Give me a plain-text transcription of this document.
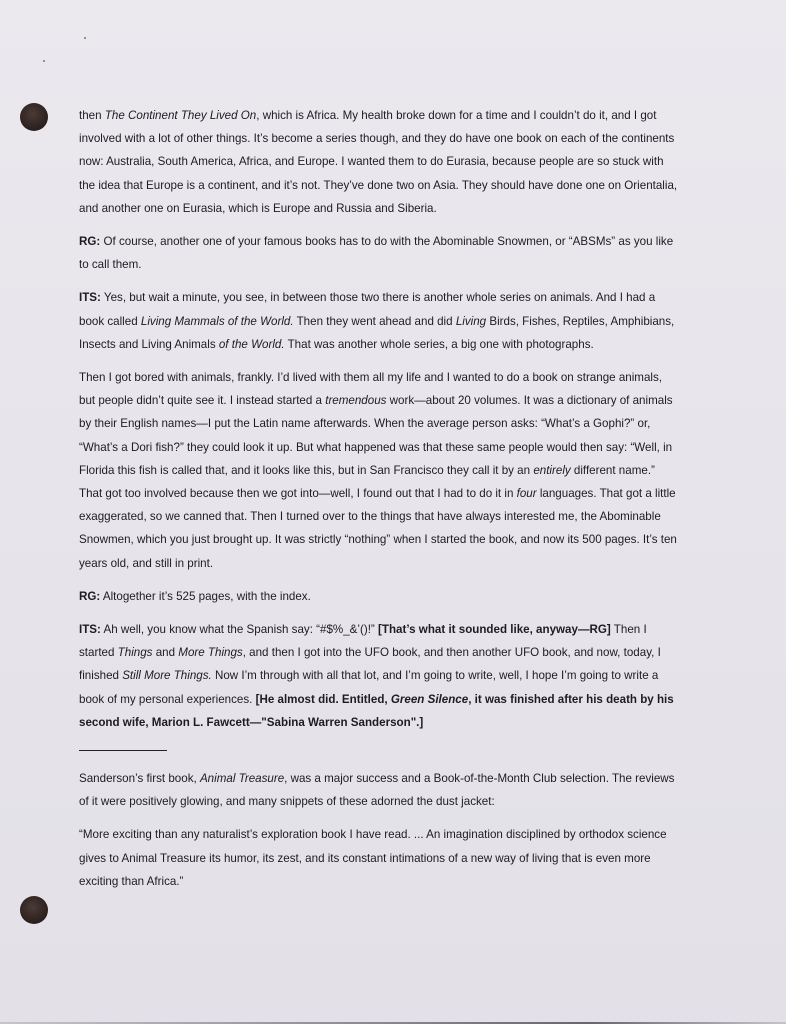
then The Continent They Lived On, which is Africa. My health broke down for a time and I couldn’t do it, and I got involved with a lot of other things. It’s become a series though, and they do have one book on each of the continents now: Australia, South America, Africa, and Europe. I wanted them to do Eurasia, because people are so stuck with the idea that Europe is a continent, and it’s not. They’ve done two on Asia. They should have done one on Orientalia, and another one on Eurasia, which is Europe and Russia and Siberia.

RG: Of course, another one of your famous books has to do with the Abominable Snowmen, or “ABSMs” as you like to call them.

ITS: Yes, but wait a minute, you see, in between those two there is another whole series on animals. And I had a book called Living Mammals of the World. Then they went ahead and did Living Birds, Fishes, Reptiles, Amphibians, Insects and Living Animals of the World. That was another whole series, a big one with photographs.

Then I got bored with animals, frankly. I’d lived with them all my life and I wanted to do a book on strange animals, but people didn’t quite see it. I instead started a tremendous work—about 20 volumes. It was a dictionary of animals by their English names—I put the Latin name afterwards. When the average person asks: “What’s a Gophi?” or, “What’s a Dori fish?” they could look it up. But what happened was that these same people would then say: “Well, in Florida this fish is called that, and it looks like this, but in San Francisco they call it by an entirely different name.” That got too involved because then we got into—well, I found out that I had to do it in four languages. That got a little exaggerated, so we canned that. Then I turned over to the things that have always interested me, the Abominable Snowmen, which you just brought up. It was strictly “nothing” when I started the book, and now its 500 pages. It’s ten years old, and still in print.

RG: Altogether it’s 525 pages, with the index.

ITS: Ah well, you know what the Spanish say: “#$%_&’()!” [That’s what it sounded like, anyway—RG] Then I started Things and More Things, and then I got into the UFO book, and then another UFO book, and now, today, I finished Still More Things. Now I’m through with all that lot, and I’m going to write, well, I hope I’m going to write a book of my personal experiences. [He almost did. Entitled, Green Silence, it was finished after his death by his second wife, Marion L. Fawcett—"Sabina Warren Sanderson".]

Sanderson’s first book, Animal Treasure, was a major success and a Book-of-the-Month Club selection. The reviews of it were positively glowing, and many snippets of these adorned the dust jacket:

“More exciting than any naturalist’s exploration book I have read. ... An imagination disciplined by orthodox science gives to Animal Treasure its humor, its zest, and its constant intimations of a new way of living that is even more exciting than Africa.”
